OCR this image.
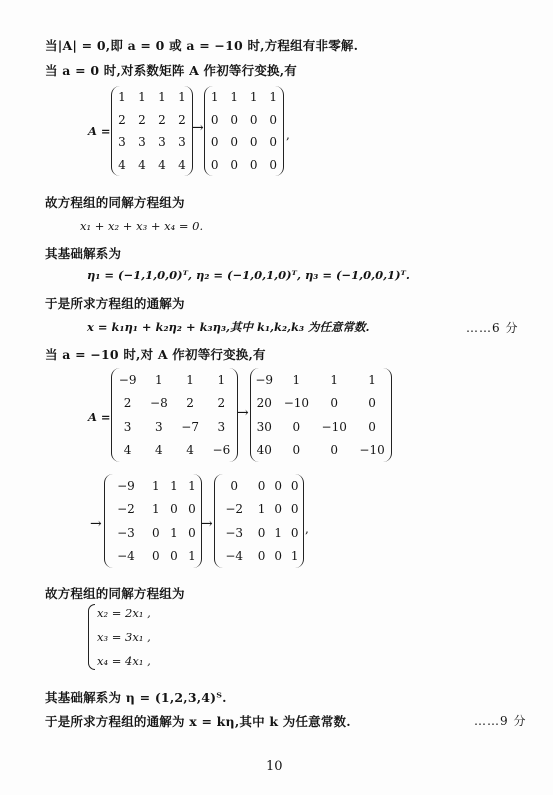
当|A| = 0,即 a = 0 或 a = −10 时,方程组有非零解.
当 a = 0 时,对系数矩阵 A 作初等行变换,有
A =
1	1	1	1
2	2	2	2
3	3	3	3
4	4	4	4
→
1	1	1	1
0	0	0	0
0	0	0	0
0	0	0	0
,
故方程组的同解方程组为
x₁ + x₂ + x₃ + x₄ = 0.
其基础解系为
η₁ = (−1,1,0,0)ᵀ, η₂ = (−1,0,1,0)ᵀ, η₃ = (−1,0,0,1)ᵀ.
于是所求方程组的通解为
x = k₁η₁ + k₂η₂ + k₃η₃,其中 k₁,k₂,k₃ 为任意常数.	……6 分
当 a = −10 时,对 A 作初等行变换,有
A =
−9	1	1	1
2	−8	2	2
3	3	−7	3
4	4	4	−6
→
−9	1	1	1
20	−10	0	0
30	0	−10	0
40	0	0	−10
→
−9	1	1	1
−2	1	0	0
−3	0	1	0
−4	0	0	1
→
0	0	0	0
−2	1	0	0
−3	0	1	0
−4	0	0	1
,
故方程组的同解方程组为
x₂ = 2x₁ ,
x₃ = 3x₁ ,
x₄ = 4x₁ ,
其基础解系为 η = (1,2,3,4)ᵀ.
于是所求方程组的通解为 x = kη,其中 k 为任意常数.	……9 分
10
